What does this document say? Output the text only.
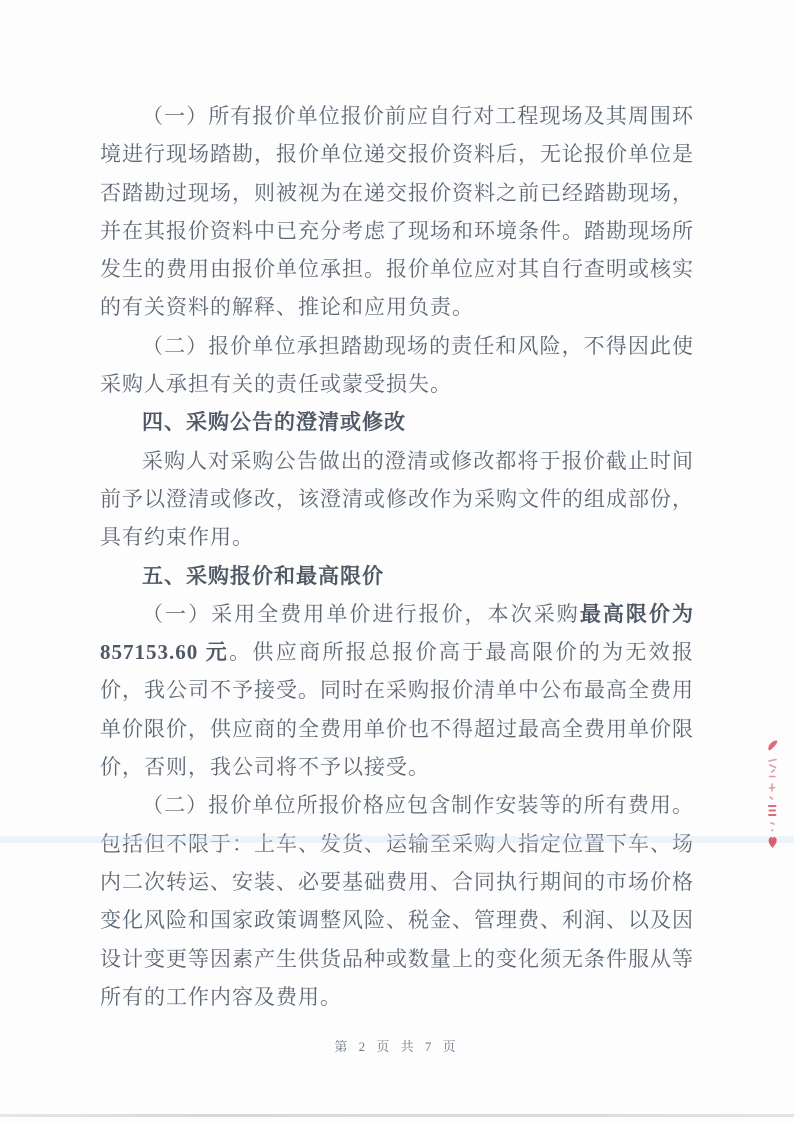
（一）所有报价单位报价前应自行对工程现场及其周围环境进行现场踏勘，报价单位递交报价资料后，无论报价单位是否踏勘过现场，则被视为在递交报价资料之前已经踏勘现场，并在其报价资料中已充分考虑了现场和环境条件。踏勘现场所发生的费用由报价单位承担。报价单位应对其自行查明或核实的有关资料的解释、推论和应用负责。

（二）报价单位承担踏勘现场的责任和风险，不得因此使采购人承担有关的责任或蒙受损失。

四、采购公告的澄清或修改

采购人对采购公告做出的澄清或修改都将于报价截止时间前予以澄清或修改，该澄清或修改作为采购文件的组成部份，具有约束作用。

五、采购报价和最高限价

（一）采用全费用单价进行报价，本次采购最高限价为857153.60 元。供应商所报总报价高于最高限价的为无效报价，我公司不予接受。同时在采购报价清单中公布最高全费用单价限价，供应商的全费用单价也不得超过最高全费用单价限价，否则，我公司将不予以接受。

（二）报价单位所报价格应包含制作安装等的所有费用。包括但不限于：上车、发货、运输至采购人指定位置下车、场内二次转运、安装、必要基础费用、合同执行期间的市场价格变化风险和国家政策调整风险、税金、管理费、利润、以及因设计变更等因素产生供货品种或数量上的变化须无条件服从等所有的工作内容及费用。

第 2 页 共 7 页
